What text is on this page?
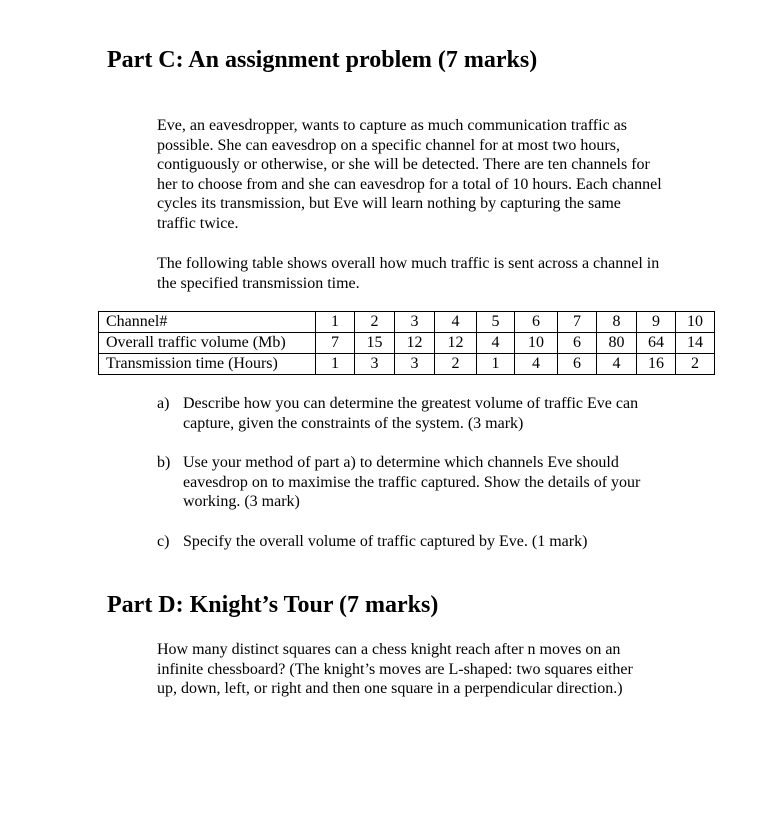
Part C: An assignment problem (7 marks)
Eve, an eavesdropper, wants to capture as much communication traffic as
possible. She can eavesdrop on a specific channel for at most two hours,
contiguously or otherwise, or she will be detected. There are ten channels for
her to choose from and she can eavesdrop for a total of 10 hours. Each channel
cycles its transmission, but Eve will learn nothing by capturing the same
traffic twice.
The following table shows overall how much traffic is sent across a channel in
the specified transmission time.
Channel#	1	2	3	4	5	6	7	8	9	10
Overall traffic volume (Mb)	7	15	12	12	4	10	6	80	64	14
Transmission time (Hours)	1	3	3	2	1	4	6	4	16	2
a) Describe how you can determine the greatest volume of traffic Eve can
capture, given the constraints of the system. (3 mark)
b) Use your method of part a) to determine which channels Eve should
eavesdrop on to maximise the traffic captured. Show the details of your
working. (3 mark)
c) Specify the overall volume of traffic captured by Eve. (1 mark)
Part D: Knight’s Tour (7 marks)
How many distinct squares can a chess knight reach after n moves on an
infinite chessboard? (The knight’s moves are L-shaped: two squares either
up, down, left, or right and then one square in a perpendicular direction.)
